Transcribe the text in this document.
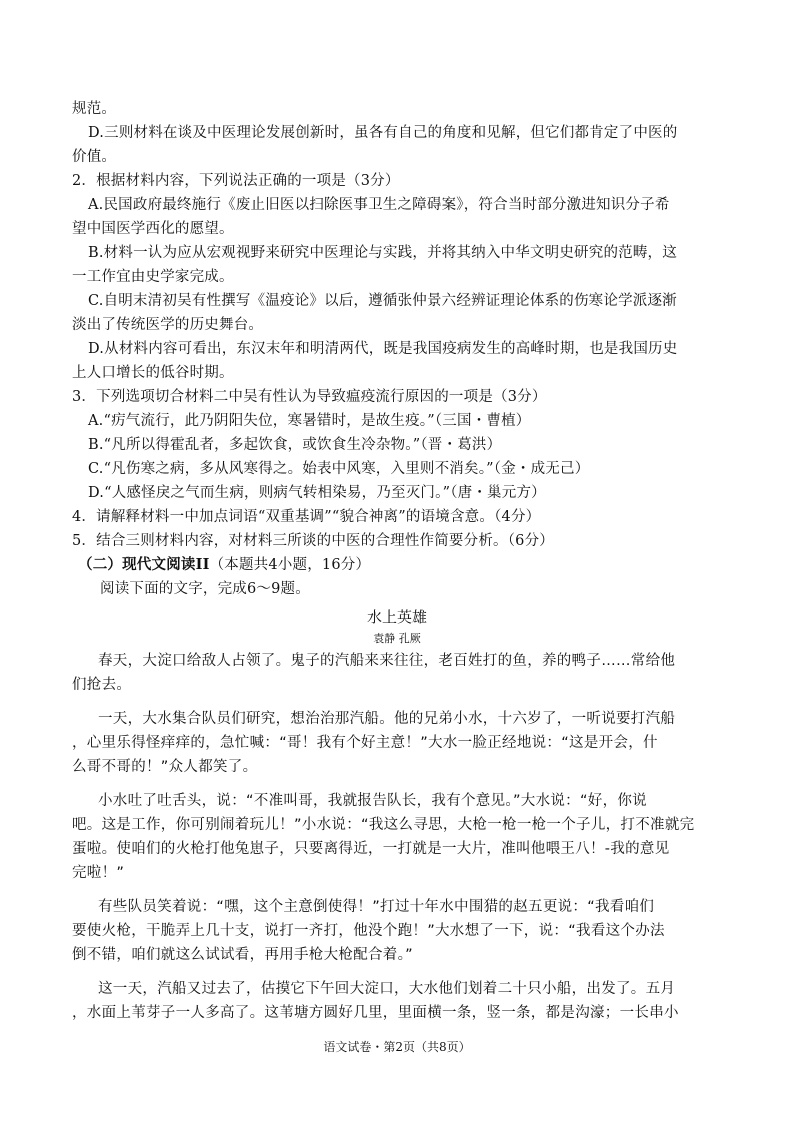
规范。
D.三则材料在谈及中医理论发展创新时，虽各有自己的角度和见解，但它们都肯定了中医的
价值。
2．根据材料内容，下列说法正确的一项是（3分）
A.民国政府最终施行《废止旧医以扫除医事卫生之障碍案》，符合当时部分激进知识分子希
望中国医学西化的愿望。
B.材料一认为应从宏观视野来研究中医理论与实践，并将其纳入中华文明史研究的范畴，这
一工作宜由史学家完成。
C.自明末清初吴有性撰写《温疫论》以后，遵循张仲景六经辨证理论体系的伤寒论学派逐渐
淡出了传统医学的历史舞台。
D.从材料内容可看出，东汉末年和明清两代，既是我国疫病发生的高峰时期，也是我国历史
上人口增长的低谷时期。
3．下列选项切合材料二中吴有性认为导致瘟疫流行原因的一项是（3分）
A.“疠气流行，此乃阴阳失位，寒暑错时，是故生疫。”（三国・曹植）
B.“凡所以得霍乱者，多起饮食，或饮食生冷杂物。”（晋・葛洪）
C.“凡伤寒之病，多从风寒得之。始表中风寒，入里则不消矣。”（金・成无己）
D.“人感怪戾之气而生病，则病气转相染易，乃至灭门。”（唐・巢元方）
4．请解释材料一中加点词语“双重基调”“貌合神离”的语境含意。（4分）
5．结合三则材料内容，对材料三所谈的中医的合理性作简要分析。（6分）
（二）现代文阅读II（本题共4小题，16分）
阅读下面的文字，完成6～9题。
水上英雄
袁静 孔厥
春天，大淀口给敌人占领了。鬼子的汽船来来往往，老百姓打的鱼，养的鸭子……常给他
们抢去。
一天，大水集合队员们研究，想治治那汽船。他的兄弟小水，十六岁了，一听说要打汽船
，心里乐得怪痒痒的，急忙喊：“哥！我有个好主意！”大水一脸正经地说：“这是开会，什
么哥不哥的！”众人都笑了。
小水吐了吐舌头，说：“不准叫哥，我就报告队长，我有个意见。”大水说：“好，你说
吧。这是工作，你可别闹着玩儿！”小水说：“我这么寻思，大枪一枪一枪一个子儿，打不准就完
蛋啦。使咱们的火枪打他兔崽子，只要离得近，一打就是一大片，准叫他喂王八！-我的意见
完啦！”
有些队员笑着说：“嘿，这个主意倒使得！”打过十年水中围猎的赵五更说：“我看咱们
要使火枪，干脆弄上几十支，说打一齐打，他没个跑！”大水想了一下，说：“我看这个办法
倒不错，咱们就这么试试看，再用手枪大枪配合着。”
这一天，汽船又过去了，估摸它下午回大淀口，大水他们划着二十只小船，出发了。五月
，水面上苇芽子一人多高了。这苇塘方圆好几里，里面横一条，竖一条，都是沟濠；一长串小
语文试卷・第2页（共8页）
